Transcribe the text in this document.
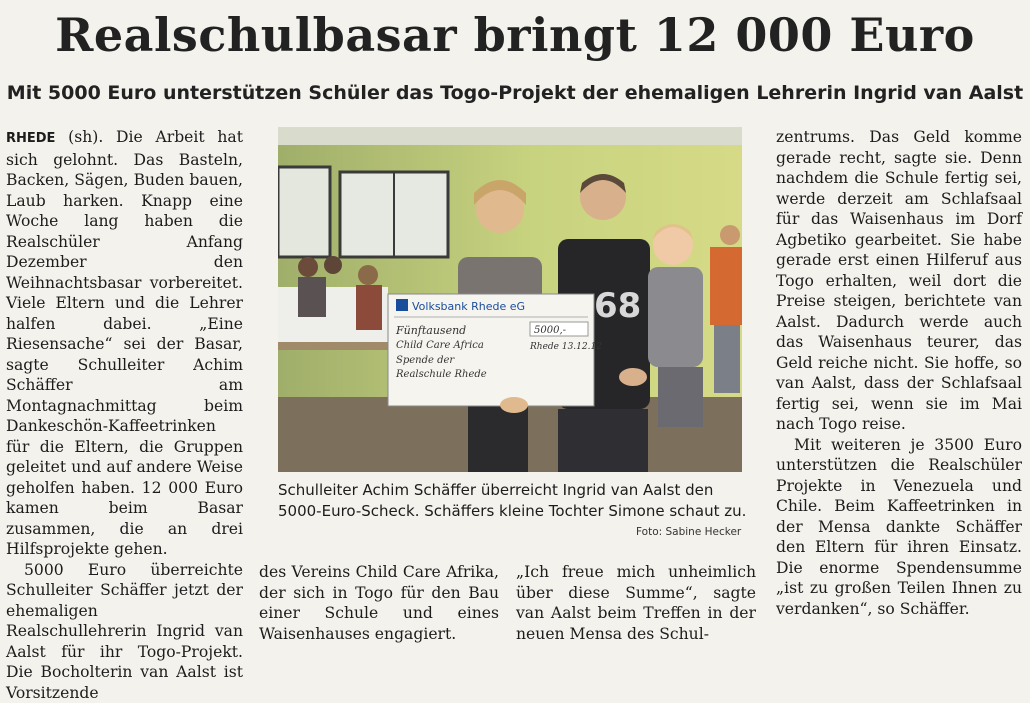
Realschulbasar bringt 12 000 Euro
Mit 5000 Euro unterstützen Schüler das Togo-Projekt der ehemaligen Lehrerin Ingrid van Aalst

RHEDE (sh). Die Arbeit hat sich gelohnt. Das Basteln, Backen, Sägen, Buden bauen, Laub harken. Knapp eine Woche lang haben die Realschüler Anfang Dezember den Weihnachtsbasar vorbereitet. Viele Eltern und die Lehrer halfen dabei. „Eine Riesensache“ sei der Basar, sagte Schulleiter Achim Schäffer am Montagnachmittag beim Dankeschön-Kaffeetrinken für die Eltern, die Gruppen geleitet und auf andere Weise geholfen haben. 12 000 Euro kamen beim Basar zusammen, die an drei Hilfsprojekte gehen.

5000 Euro überreichte Schulleiter Schäffer jetzt der ehemaligen Realschullehrerin Ingrid van Aalst für ihr Togo-Projekt. Die Bocholterin van Aalst ist Vorsitzende

68
Volksbank Rhede eG
Fünftausend
Child Care Africa
Spende der
Realschule Rhede
5000,-
Rhede 13.12.12

Schulleiter Achim Schäffer überreicht Ingrid van Aalst den 5000-Euro-Scheck. Schäffers kleine Tochter Simone schaut zu.

Foto: Sabine Hecker

des Vereins Child Care Afrika, der sich in Togo für den Bau einer Schule und eines Waisenhauses engagiert.

„Ich freue mich unheimlich über diese Summe“, sagte van Aalst beim Treffen in der neuen Mensa des Schul-

zentrums. Das Geld komme gerade recht, sagte sie. Denn nachdem die Schule fertig sei, werde derzeit am Schlafsaal für das Waisenhaus im Dorf Agbetiko gearbeitet. Sie habe gerade erst einen Hilferuf aus Togo erhalten, weil dort die Preise steigen, berichtete van Aalst. Dadurch werde auch das Waisenhaus teurer, das Geld reiche nicht. Sie hoffe, so van Aalst, dass der Schlafsaal fertig sei, wenn sie im Mai nach Togo reise.

Mit weiteren je 3500 Euro unterstützen die Realschüler Projekte in Venezuela und Chile. Beim Kaffeetrinken in der Mensa dankte Schäffer den Eltern für ihren Einsatz. Die enorme Spendensumme „ist zu großen Teilen Ihnen zu verdanken“, so Schäffer.
